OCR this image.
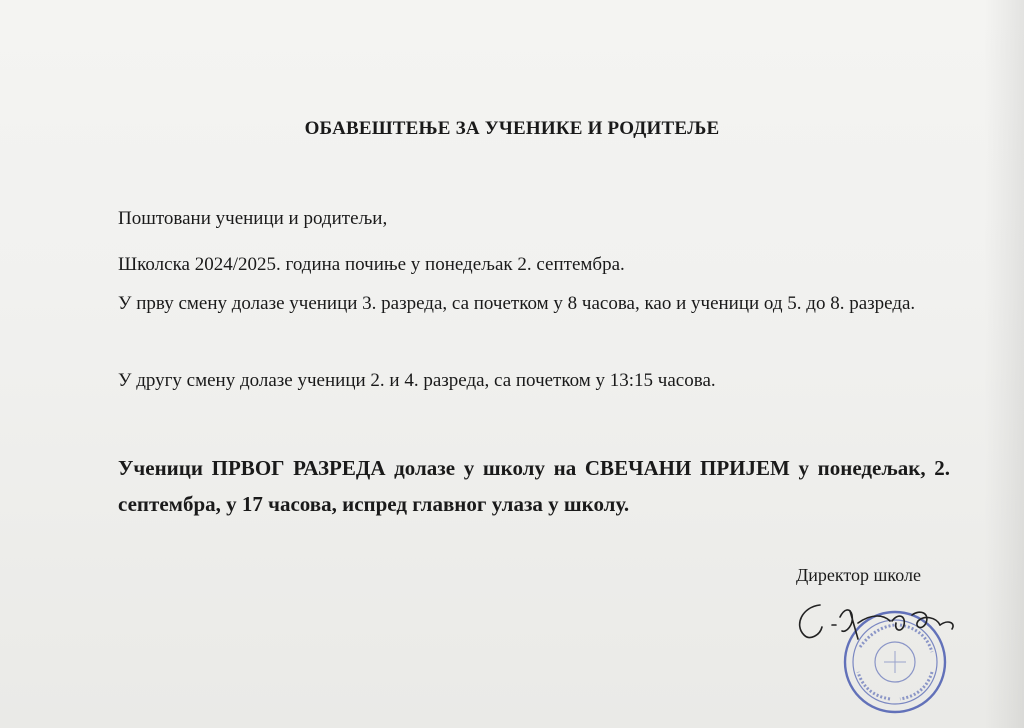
ОБАВЕШТЕЊЕ ЗА УЧЕНИКЕ И РОДИТЕЉЕ

Поштовани ученици и родитељи,

Школска 2024/2025. година почиње у понедељак 2. септембра.

У прву смену долазе ученици 3. разреда, са почетком у 8 часова, као и ученици од 5. до 8. разреда.

У другу смену долазе ученици 2. и 4. разреда, са почетком у 13:15 часова.

Ученици ПРВОГ РАЗРЕДА долазе у школу на СВЕЧАНИ ПРИЈЕМ у понедељак, 2. септембра, у 17 часова, испред главног улаза у школу.

Директор школе
